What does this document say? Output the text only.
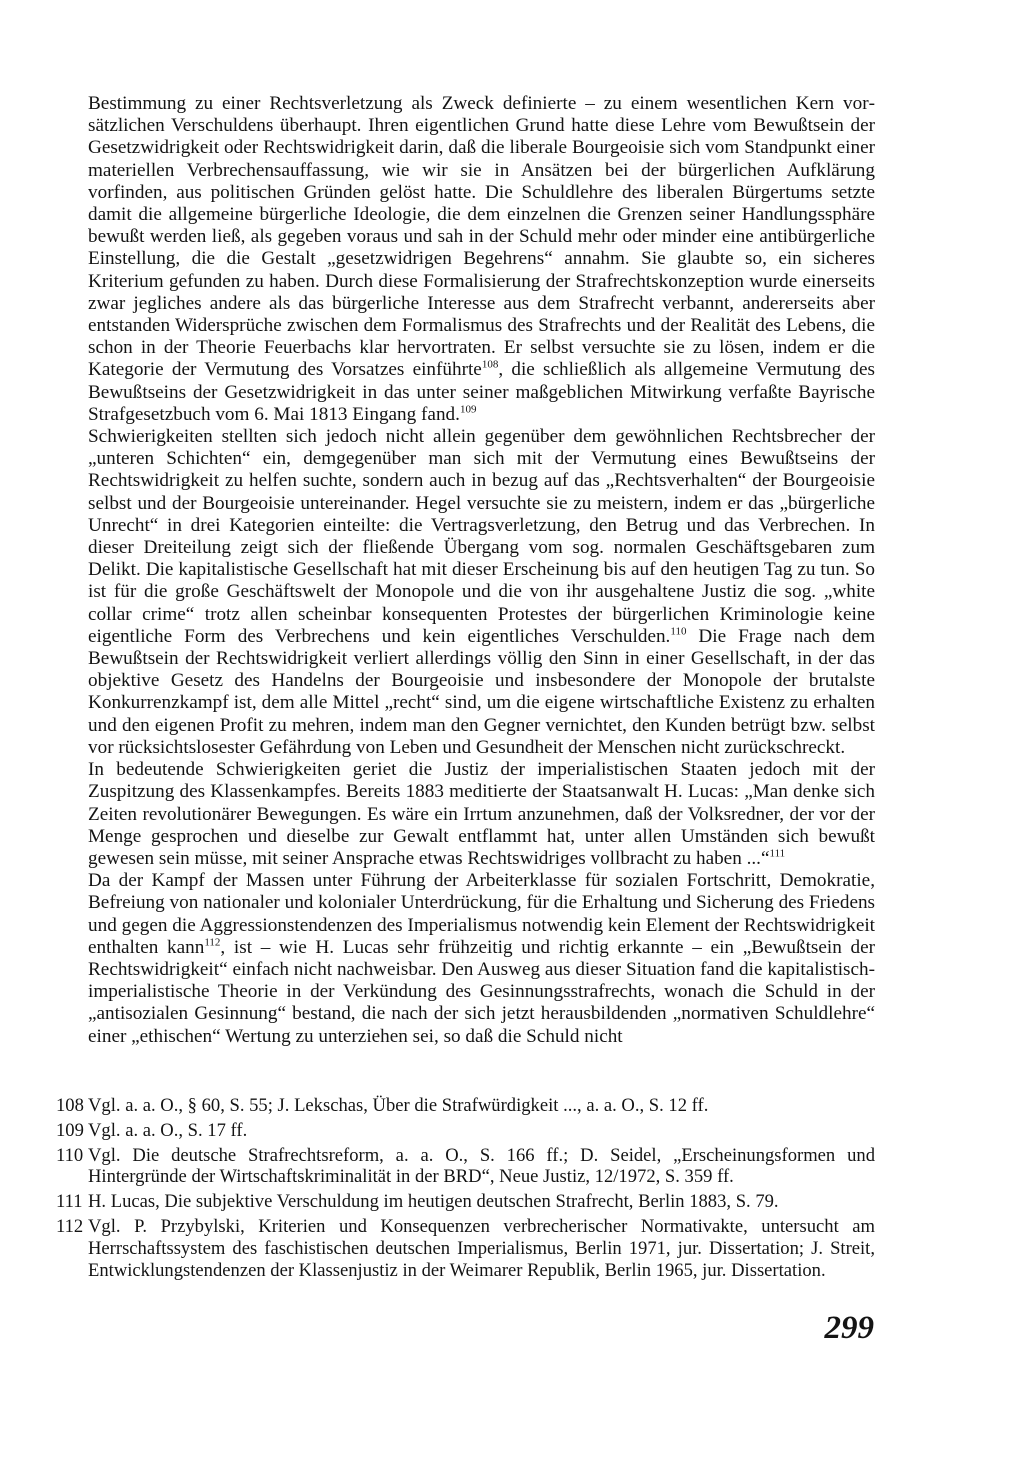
Bestimmung zu einer Rechtsverletzung als Zweck definierte – zu einem wesentlichen Kern vorsätzlichen Verschuldens überhaupt. Ihren eigentlichen Grund hatte diese Lehre vom Bewußtsein der Gesetzwidrigkeit oder Rechtswidrigkeit darin, daß die liberale Bourgeoisie sich vom Standpunkt einer materiellen Verbrechensauffassung, wie wir sie in Ansätzen bei der bürgerlichen Aufklärung vorfinden, aus politischen Gründen gelöst hatte. Die Schuldlehre des liberalen Bürgertums setzte damit die allgemeine bürgerliche Ideologie, die dem einzelnen die Grenzen seiner Handlungssphäre bewußt werden ließ, als gegeben voraus und sah in der Schuld mehr oder minder eine antibürgerliche Einstellung, die die Gestalt „gesetzwidrigen Begehrens“ annahm. Sie glaubte so, ein sicheres Kriterium gefunden zu haben. Durch diese Formalisierung der Strafrechtskonzeption wurde einerseits zwar jegliches andere als das bürgerliche Interesse aus dem Strafrecht verbannt, andererseits aber entstanden Widersprüche zwischen dem Formalismus des Strafrechts und der Realität des Lebens, die schon in der Theorie Feuerbachs klar hervortraten. Er selbst versuchte sie zu lösen, indem er die Kategorie der Vermutung des Vorsatzes einführte$^{108}$, die schließlich als allgemeine Vermutung des Bewußtseins der Gesetzwidrigkeit in das unter seiner maßgeblichen Mitwirkung verfaßte Bayrische Strafgesetzbuch vom 6. Mai 1813 Eingang fand.$^{109}$

Schwierigkeiten stellten sich jedoch nicht allein gegenüber dem gewöhnlichen Rechtsbrecher der „unteren Schichten“ ein, demgegenüber man sich mit der Vermutung eines Bewußtseins der Rechtswidrigkeit zu helfen suchte, sondern auch in bezug auf das „Rechtsverhalten“ der Bourgeoisie selbst und der Bourgeoisie untereinander. Hegel versuchte sie zu meistern, indem er das „bürgerliche Unrecht“ in drei Kategorien einteilte: die Vertragsverletzung, den Betrug und das Verbrechen. In dieser Dreiteilung zeigt sich der fließende Übergang vom sog. normalen Geschäftsgebaren zum Delikt. Die kapitalistische Gesellschaft hat mit dieser Erscheinung bis auf den heutigen Tag zu tun. So ist für die große Geschäftswelt der Monopole und die von ihr ausgehaltene Justiz die sog. „white collar crime“ trotz allen scheinbar konsequenten Protestes der bürgerlichen Kriminologie keine eigentliche Form des Verbrechens und kein eigentliches Verschulden.$^{110}$ Die Frage nach dem Bewußtsein der Rechtswidrigkeit verliert allerdings völlig den Sinn in einer Gesellschaft, in der das objektive Gesetz des Handelns der Bourgeoisie und insbesondere der Monopole der brutalste Konkurrenzkampf ist, dem alle Mittel „recht“ sind, um die eigene wirtschaftliche Existenz zu erhalten und den eigenen Profit zu mehren, indem man den Gegner vernichtet, den Kunden betrügt bzw. selbst vor rücksichtslosester Gefährdung von Leben und Gesundheit der Menschen nicht zurückschreckt.

In bedeutende Schwierigkeiten geriet die Justiz der imperialistischen Staaten jedoch mit der Zuspitzung des Klassenkampfes. Bereits 1883 meditierte der Staatsanwalt H. Lucas: „Man denke sich Zeiten revolutionärer Bewegungen. Es wäre ein Irrtum anzunehmen, daß der Volksredner, der vor der Menge gesprochen und dieselbe zur Gewalt entflammt hat, unter allen Umständen sich bewußt gewesen sein müsse, mit seiner Ansprache etwas Rechtswidriges vollbracht zu haben ...“$^{111}$

Da der Kampf der Massen unter Führung der Arbeiterklasse für sozialen Fortschritt, Demokratie, Befreiung von nationaler und kolonialer Unterdrückung, für die Erhaltung und Sicherung des Friedens und gegen die Aggressionstendenzen des Imperialismus notwendig kein Element der Rechtswidrigkeit enthalten kann$^{112}$, ist – wie H. Lucas sehr frühzeitig und richtig erkannte – ein „Bewußtsein der Rechtswidrigkeit“ einfach nicht nachweisbar. Den Ausweg aus dieser Situation fand die kapitalistisch-imperialistische Theorie in der Verkündung des Gesinnungsstrafrechts, wonach die Schuld in der „antisozialen Gesinnung“ bestand, die nach der sich jetzt herausbildenden „normativen Schuldlehre“ einer „ethischen“ Wertung zu unterziehen sei, so daß die Schuld nicht

108 Vgl. a. a. O., § 60, S. 55; J. Lekschas, Über die Strafwürdigkeit ..., a. a. O., S. 12 ff.
109 Vgl. a. a. O., S. 17 ff.
110 Vgl. Die deutsche Strafrechtsreform, a. a. O., S. 166 ff.; D. Seidel, „Erscheinungsformen und Hintergründe der Wirtschaftskriminalität in der BRD“, Neue Justiz, 12/1972, S. 359 ff.
111 H. Lucas, Die subjektive Verschuldung im heutigen deutschen Strafrecht, Berlin 1883, S. 79.
112 Vgl. P. Przybylski, Kriterien und Konsequenzen verbrecherischer Normativakte, untersucht am Herrschaftssystem des faschistischen deutschen Imperialismus, Berlin 1971, jur. Dissertation; J. Streit, Entwicklungstendenzen der Klassenjustiz in der Weimarer Republik, Berlin 1965, jur. Dissertation.
299
